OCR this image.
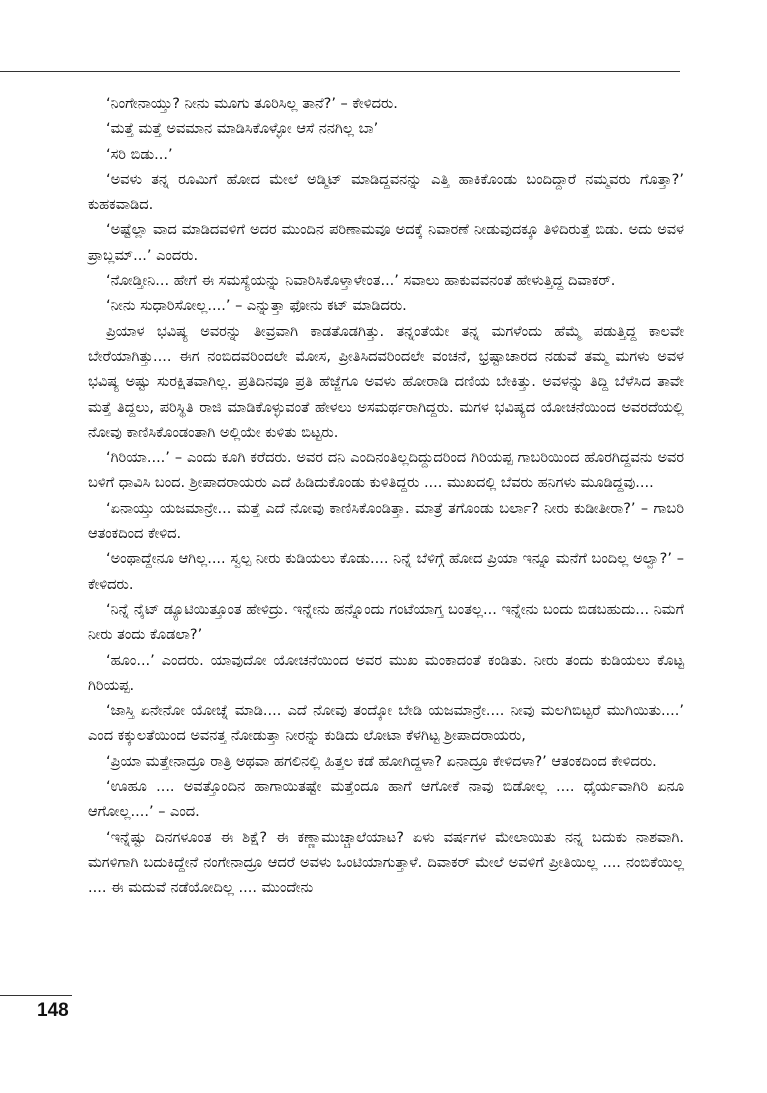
‘ನಿಂಗೇನಾಯ್ತು? ನೀನು ಮೂಗು ತೂರಿಸಿಲ್ಲ ತಾನೆ?’ – ಕೇಳಿದರು.

‘ಮತ್ತೆ ಮತ್ತೆ ಅವಮಾನ ಮಾಡಿಸಿಕೊಳ್ಳೋ ಆಸೆ ನನಗಿಲ್ಲ ಬಾ’

‘ಸರಿ ಬಿಡು...’

‘ಅವಳು ತನ್ನ ರೂಮಿಗೆ ಹೋದ ಮೇಲೆ ಅಡ್ಮಿಟ್ ಮಾಡಿದ್ದವನನ್ನು ಎತ್ತಿ ಹಾಕಿಕೊಂಡು ಬಂದಿದ್ದಾರೆ ನಮ್ಮವರು ಗೊತ್ತಾ?’ ಕುಹಕವಾಡಿದ.

‘ಅಷ್ಟೆಲ್ಲಾ ವಾದ ಮಾಡಿದವಳಿಗೆ ಅದರ ಮುಂದಿನ ಪರಿಣಾಮವೂ ಅದಕ್ಕೆ ನಿವಾರಣೆ ನೀಡುವುದಕ್ಕೂ ತಿಳಿದಿರುತ್ತೆ ಬಿಡು. ಅದು ಅವಳ ಪ್ರಾಬ್ಲಮ್...’ ಎಂದರು.

‘ನೋಡ್ತೀನಿ... ಹೇಗೆ ಈ ಸಮಸ್ಯೆಯನ್ನು ನಿವಾರಿಸಿಕೊಳ್ತಾಳೇಂತ...’ ಸವಾಲು ಹಾಕುವವನಂತೆ ಹೇಳುತ್ತಿದ್ದ ದಿವಾಕರ್.

‘ನೀನು ಸುಧಾರಿಸೋಲ್ಲ....’ – ಎನ್ನುತ್ತಾ ಫೋನು ಕಟ್ ಮಾಡಿದರು.

ಪ್ರಿಯಾಳ ಭವಿಷ್ಯ ಅವರನ್ನು ತೀವ್ರವಾಗಿ ಕಾಡತೊಡಗಿತ್ತು. ತನ್ನಂತೆಯೇ ತನ್ನ ಮಗಳೆಂದು ಹೆಮ್ಮೆ ಪಡುತ್ತಿದ್ದ ಕಾಲವೇ ಬೇರೆಯಾಗಿತ್ತು.... ಈಗ ನಂಬಿದವರಿಂದಲೇ ಮೋಸ, ಪ್ರೀತಿಸಿದವರಿಂದಲೇ ವಂಚನೆ, ಭ್ರಷ್ಟಾಚಾರದ ನಡುವೆ ತಮ್ಮ ಮಗಳು ಅವಳ ಭವಿಷ್ಯ ಅಷ್ಟು ಸುರಕ್ಷಿತವಾಗಿಲ್ಲ. ಪ್ರತಿದಿನವೂ ಪ್ರತಿ ಹೆಜ್ಜೆಗೂ ಅವಳು ಹೋರಾಡಿ ದಣಿಯ ಬೇಕಿತ್ತು. ಅವಳನ್ನು ತಿದ್ದಿ ಬೆಳೆಸಿದ ತಾವೇ ಮತ್ತೆ ತಿದ್ದಲು, ಪರಿಸ್ಥಿತಿ ರಾಜಿ ಮಾಡಿಕೊಳ್ಳುವಂತೆ ಹೇಳಲು ಅಸಮರ್ಥರಾಗಿದ್ದರು. ಮಗಳ ಭವಿಷ್ಯದ ಯೋಚನೆಯಿಂದ ಅವರದೆಯಲ್ಲಿ ನೋವು ಕಾಣಿಸಿಕೊಂಡಂತಾಗಿ ಅಲ್ಲಿಯೇ ಕುಳಿತು ಬಿಟ್ಟರು.

‘ಗಿರಿಯಾ....’ – ಎಂದು ಕೂಗಿ ಕರೆದರು. ಅವರ ದನಿ ಎಂದಿನಂತಿಲ್ಲದಿದ್ದುದರಿಂದ ಗಿರಿಯಪ್ಪ ಗಾಬರಿಯಿಂದ ಹೊರಗಿದ್ದವನು ಅವರ ಬಳಿಗೆ ಧಾವಿಸಿ ಬಂದ. ಶ್ರೀಪಾದರಾಯರು ಎದೆ ಹಿಡಿದುಕೊಂಡು ಕುಳಿತಿದ್ದರು .... ಮುಖದಲ್ಲಿ ಬೆವರು ಹನಿಗಳು ಮೂಡಿದ್ದವು....

‘ಏನಾಯ್ತು ಯಜಮಾನ್ರೇ... ಮತ್ತೆ ಎದೆ ನೋವು ಕಾಣಿಸಿಕೊಂಡಿತ್ತಾ. ಮಾತ್ರೆ ತಗೊಂಡು ಬರ್ಲಾ? ನೀರು ಕುಡೀತೀರಾ?’ – ಗಾಬರಿ ಆತಂಕದಿಂದ ಕೇಳಿದ.

‘ಅಂಥಾದ್ದೇನೂ ಆಗಿಲ್ಲ.... ಸ್ವಲ್ಪ ನೀರು ಕುಡಿಯಲು ಕೊಡು.... ನಿನ್ನೆ ಬೆಳಿಗ್ಗೆ ಹೋದ ಪ್ರಿಯಾ ಇನ್ನೂ ಮನೆಗೆ ಬಂದಿಲ್ಲ ಅಲ್ವಾ?’ – ಕೇಳಿದರು.

‘ನಿನ್ನೆ ನೈಟ್ ಡ್ಯೂಟಿಯಿತ್ತೂಂತ ಹೇಳಿದ್ರು. ಇನ್ನೇನು ಹನ್ನೊಂದು ಗಂಟೆಯಾಗ್ತ ಬಂತಲ್ಲ... ಇನ್ನೇನು ಬಂದು ಬಿಡಬಹುದು... ನಿಮಗೆ ನೀರು ತಂದು ಕೊಡಲಾ?’

‘ಹೂಂ...’ ಎಂದರು. ಯಾವುದೋ ಯೋಚನೆಯಿಂದ ಅವರ ಮುಖ ಮಂಕಾದಂತೆ ಕಂಡಿತು. ನೀರು ತಂದು ಕುಡಿಯಲು ಕೊಟ್ಟ ಗಿರಿಯಪ್ಪ.

‘ಜಾಸ್ತಿ ಏನೇನೋ ಯೋಚ್ನೆ ಮಾಡಿ.... ಎದೆ ನೋವು ತಂದ್ಕೋ ಬೇಡಿ ಯಜಮಾನ್ರೇ.... ನೀವು ಮಲಗಿಬಿಟ್ಟರೆ ಮುಗಿಯಿತು....’ ಎಂದ ಕಕ್ಕುಲತೆಯಿಂದ ಅವನತ್ತ ನೋಡುತ್ತಾ ನೀರನ್ನು ಕುಡಿದು ಲೋಟಾ ಕೆಳಗಿಟ್ಟ ಶ್ರೀಪಾದರಾಯರು,

‘ಪ್ರಿಯಾ ಮತ್ತೇನಾದ್ರೂ ರಾತ್ರಿ ಅಥವಾ ಹಗಲಿನಲ್ಲಿ ಹಿತ್ತಲ ಕಡೆ ಹೋಗಿದ್ದಳಾ? ಏನಾದ್ರೂ ಕೇಳಿದಳಾ?’ ಆತಂಕದಿಂದ ಕೇಳಿದರು.

‘ಊಹೂ .... ಅವತ್ತೊಂದಿನ ಹಾಗಾಯಿತಷ್ಟೇ ಮತ್ತೆಂದೂ ಹಾಗೆ ಆಗೋಕೆ ನಾವು ಬಿಡೋಲ್ಲ .... ಧೈರ್ಯವಾಗಿರಿ ಏನೂ ಆಗೋಲ್ಲ....’ – ಎಂದ.

‘ಇನ್ನೆಷ್ಟು ದಿನಗಳೂಂತ ಈ ಶಿಕ್ಷೆ? ಈ ಕಣ್ಣಾಮುಚ್ಚಾಲೆಯಾಟ? ಏಳು ವರ್ಷಗಳ ಮೇಲಾಯಿತು ನನ್ನ ಬದುಕು ನಾಶವಾಗಿ. ಮಗಳಿಗಾಗಿ ಬದುಕಿದ್ದೇನೆ ನಂಗೇನಾದ್ರೂ ಆದರೆ ಅವಳು ಒಂಟಿಯಾಗುತ್ತಾಳೆ. ದಿವಾಕರ್ ಮೇಲೆ ಅವಳಿಗೆ ಪ್ರೀತಿಯಿಲ್ಲ .... ನಂಬಿಕೆಯಿಲ್ಲ .... ಈ ಮದುವೆ ನಡೆಯೋದಿಲ್ಲ .... ಮುಂದೇನು

148
